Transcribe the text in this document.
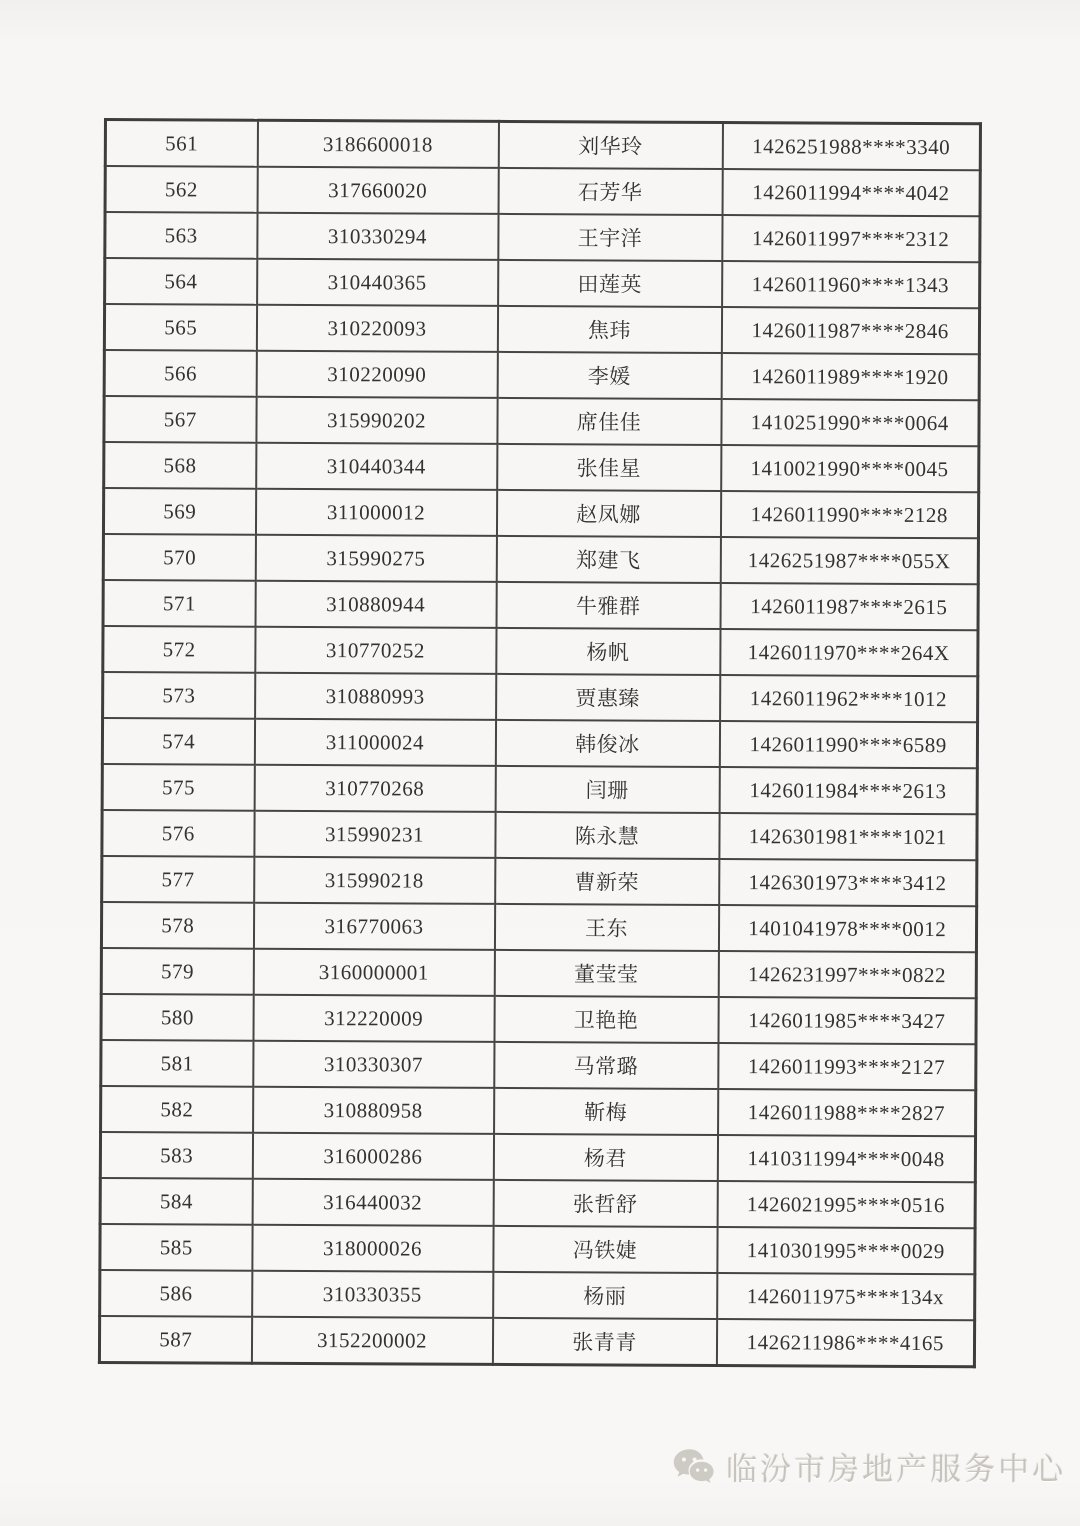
561	3186600018	刘华玲	1426251988****3340
562	317660020	石芳华	1426011994****4042
563	310330294	王宇洋	1426011997****2312
564	310440365	田莲英	1426011960****1343
565	310220093	焦玮	1426011987****2846
566	310220090	李媛	1426011989****1920
567	315990202	席佳佳	1410251990****0064
568	310440344	张佳星	1410021990****0045
569	311000012	赵凤娜	1426011990****2128
570	315990275	郑建飞	1426251987****055X
571	310880944	牛雅群	1426011987****2615
572	310770252	杨帆	1426011970****264X
573	310880993	贾惠臻	1426011962****1012
574	311000024	韩俊冰	1426011990****6589
575	310770268	闫珊	1426011984****2613
576	315990231	陈永慧	1426301981****1021
577	315990218	曹新荣	1426301973****3412
578	316770063	王东	1401041978****0012
579	3160000001	董莹莹	1426231997****0822
580	312220009	卫艳艳	1426011985****3427
581	310330307	马常璐	1426011993****2127
582	310880958	靳梅	1426011988****2827
583	316000286	杨君	1410311994****0048
584	316440032	张哲舒	1426021995****0516
585	318000026	冯铁婕	1410301995****0029
586	310330355	杨丽	1426011975****134x
587	3152200002	张青青	1426211986****4165
临汾市房地产服务中心
